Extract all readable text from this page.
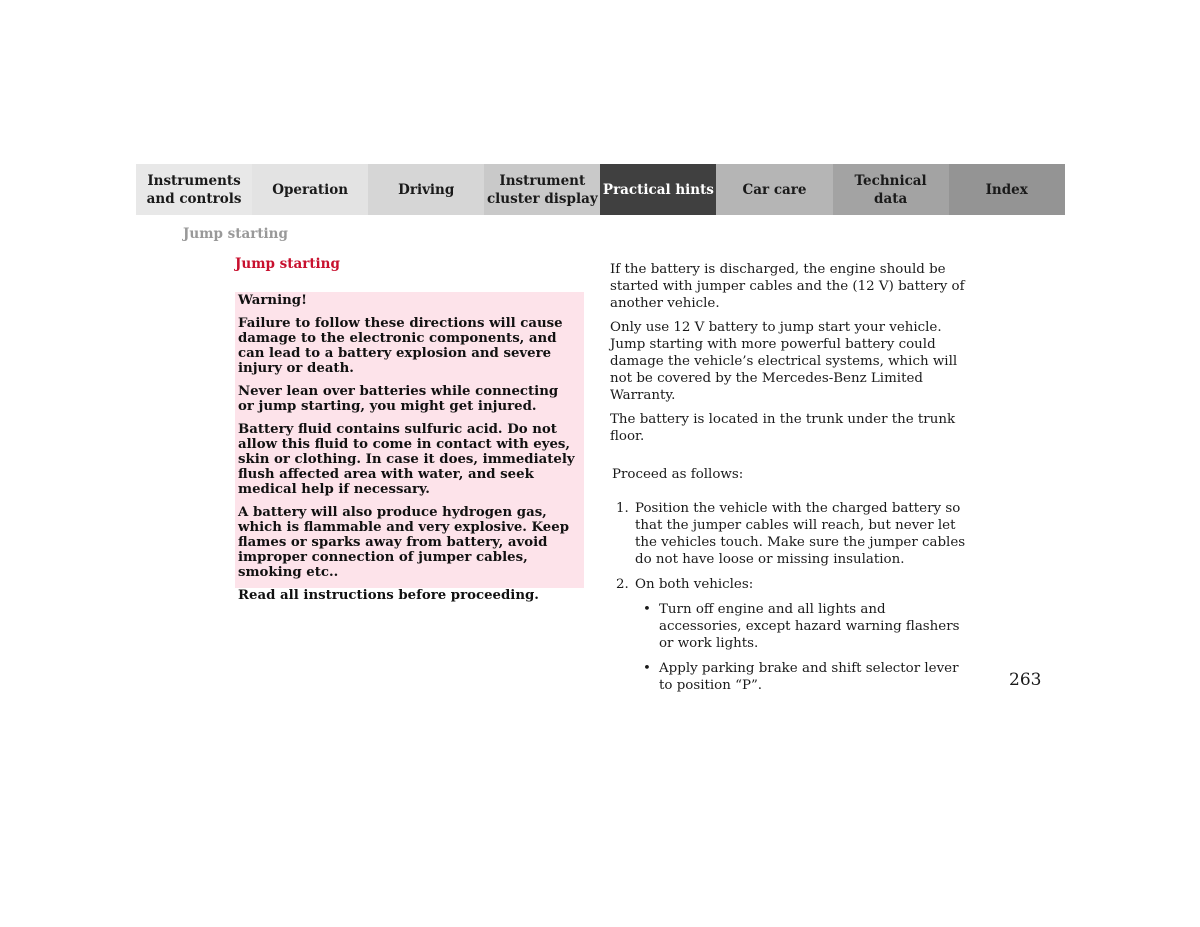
Instruments
and controls
Operation	Driving
Instrument
cluster display
Practical hints Car care
Technical
data
Index
Jump starting
Jump starting

Warning!

Failure to follow these directions will cause damage to the electronic components, and can lead to a battery explosion and severe injury or death.

Never lean over batteries while connecting or jump starting, you might get injured.

Battery fluid contains sulfuric acid. Do not allow this fluid to come in contact with eyes, skin or clothing. In case it does, immediately flush affected area with water, and seek medical help if necessary.

A battery will also produce hydrogen gas, which is flammable and very explosive. Keep flames or sparks away from battery, avoid improper connection of jumper cables, smoking etc..

Read all instructions before proceeding.

If the battery is discharged, the engine should be started with jumper cables and the (12 V) battery of another vehicle.

Only use 12 V battery to jump start your vehicle. Jump starting with more powerful battery could damage the vehicle’s electrical systems, which will not be covered by the Mercedes-Benz Limited Warranty.

The battery is located in the trunk under the trunk floor.

Proceed as follows:

1. Position the vehicle with the charged battery so that the jumper cables will reach, but never let the vehicles touch. Make sure the jumper cables do not have loose or missing insulation.
2. On both vehicles:
• Turn off engine and all lights and accessories, except hazard warning flashers or work lights.
• Apply parking brake and shift selector lever to position “P”.	263
